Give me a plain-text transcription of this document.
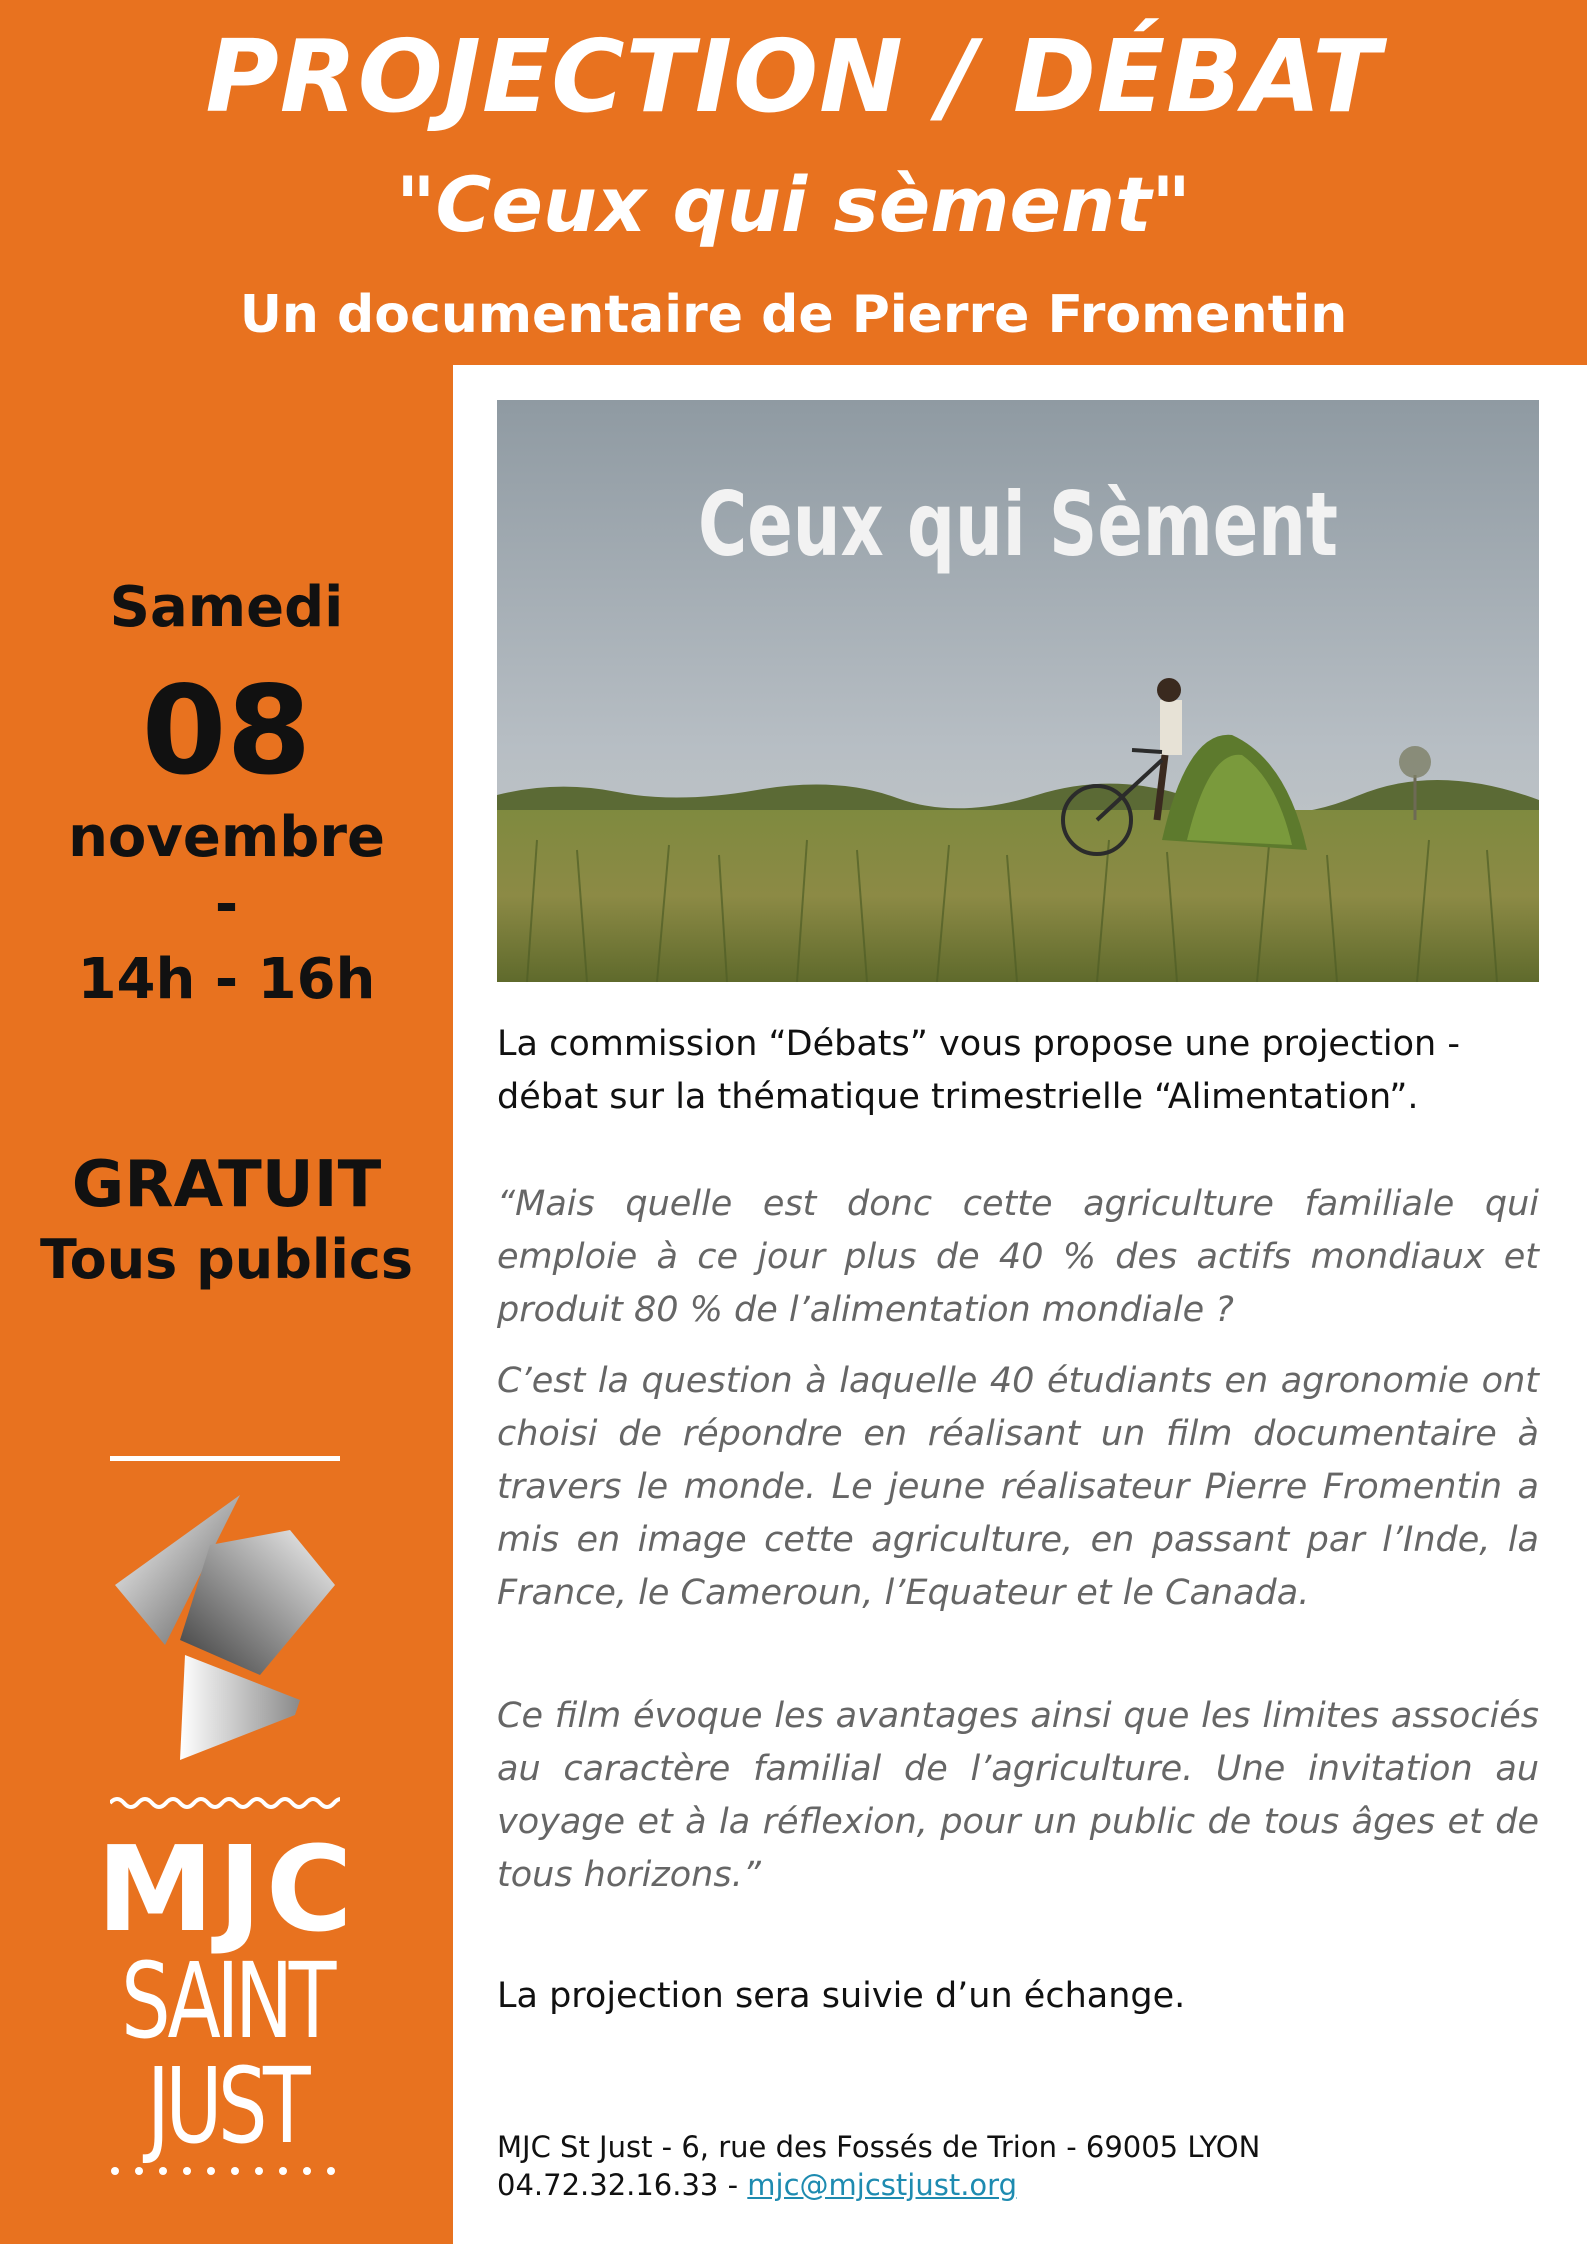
PROJECTION / DÉBAT
"Ceux qui sèment"
Un documentaire de Pierre Fromentin
Samedi
08
novembre
-
14h - 16h
GRATUIT
Tous publics
MJC
SAINT
JUST
Ceux qui Sèment
La commission “Débats” vous propose une projection -débat sur la thématique trimestrielle “Alimentation”.
“Mais quelle est donc cette agriculture familiale qui emploie à ce jour plus de 40 % des actifs mondiaux et produit 80 % de l’alimentation mondiale ?
C’est la question à laquelle 40 étudiants en agronomie ont choisi de répondre en réalisant un film documentaire à travers le monde. Le jeune réalisateur Pierre Fromentin a mis en image cette agriculture, en passant par l’Inde, la France, le Cameroun, l’Equateur et le Canada.
Ce film évoque les avantages ainsi que les limites associés au caractère familial de l’agriculture. Une invitation au voyage et à la réflexion, pour un public de tous âges et de tous horizons.”
La projection sera suivie d’un échange.
MJC St Just - 6, rue des Fossés de Trion - 69005 LYON
04.72.32.16.33 - mjc@mjcstjust.org
